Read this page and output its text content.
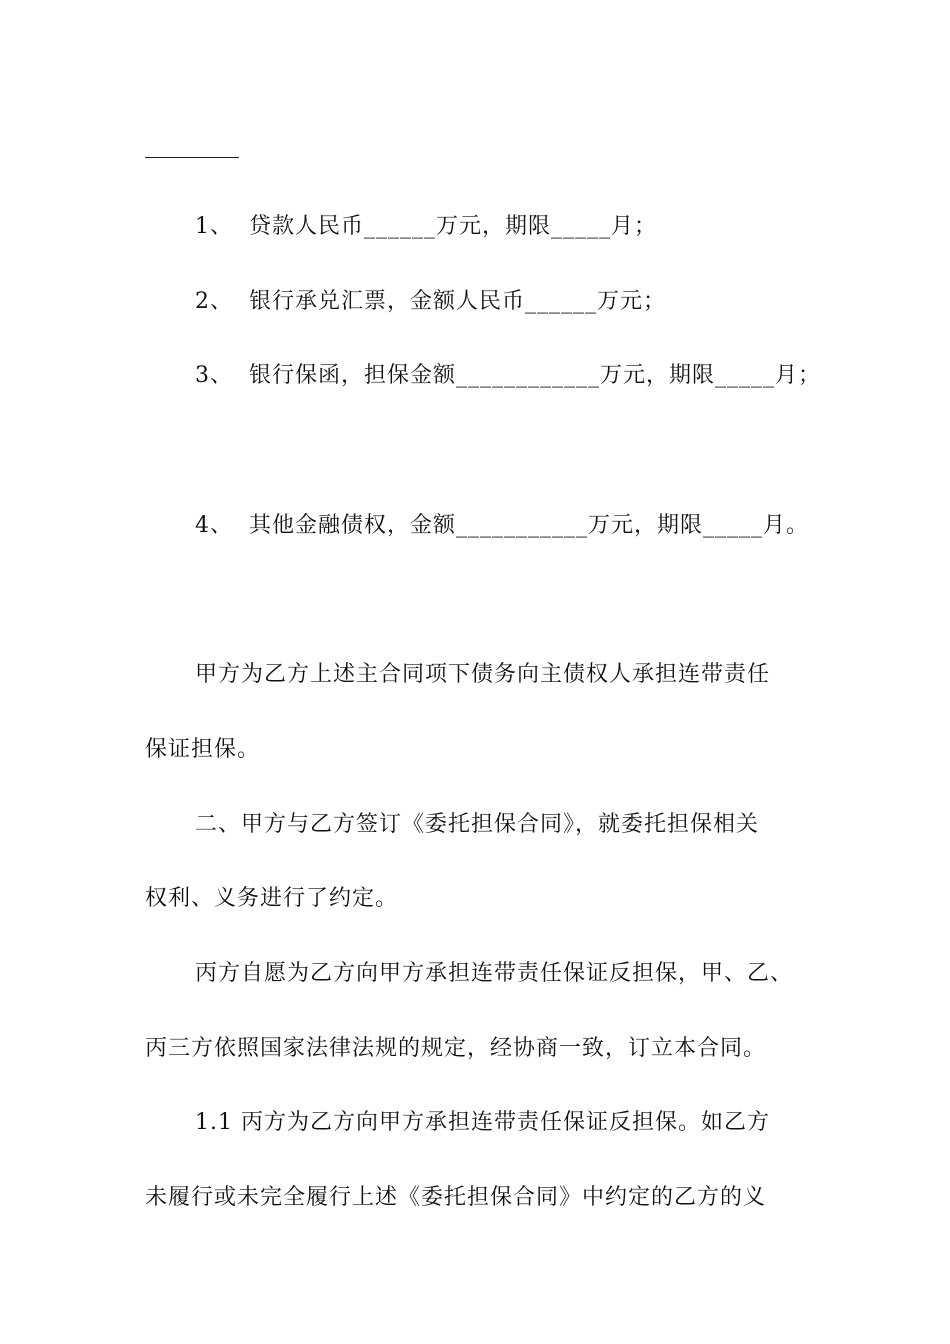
1、  贷款人民币______万元，期限_____月；
2、  银行承兑汇票，金额人民币______万元；
3、  银行保函，担保金额____________万元，期限_____月；
4、  其他金融债权，金额___________万元，期限_____月。
甲方为乙方上述主合同项下债务向主债权人承担连带责任
保证担保。
二、甲方与乙方签订《委托担保合同》，就委托担保相关
权利、义务进行了约定。
丙方自愿为乙方向甲方承担连带责任保证反担保，甲、乙、
丙三方依照国家法律法规的规定，经协商一致，订立本合同。
1.1 丙方为乙方向甲方承担连带责任保证反担保。如乙方
未履行或未完全履行上述《委托担保合同》中约定的乙方的义
